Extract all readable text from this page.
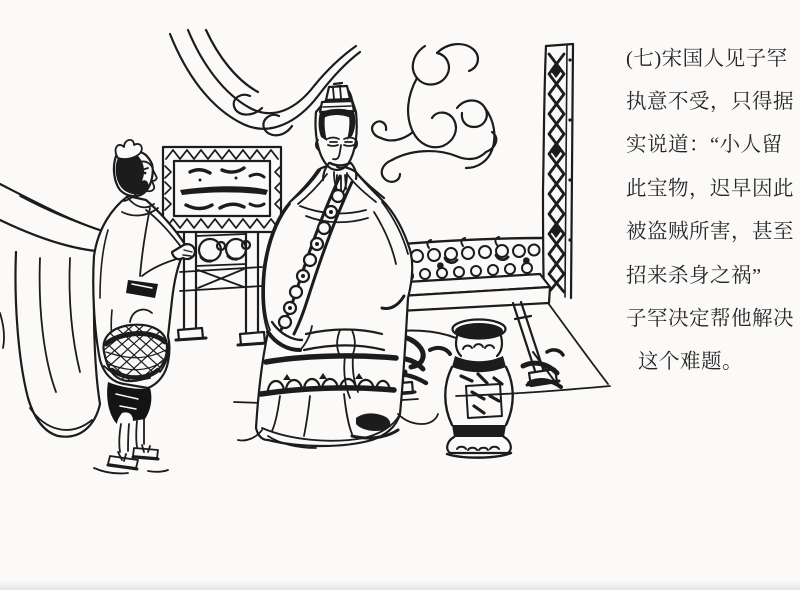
(七)宋国人见子罕
执意不受，只得据
实说道：“小人留
此宝物，迟早因此
被盗贼所害，甚至
招来杀身之祸”
子罕决定帮他解决
这个难题。
